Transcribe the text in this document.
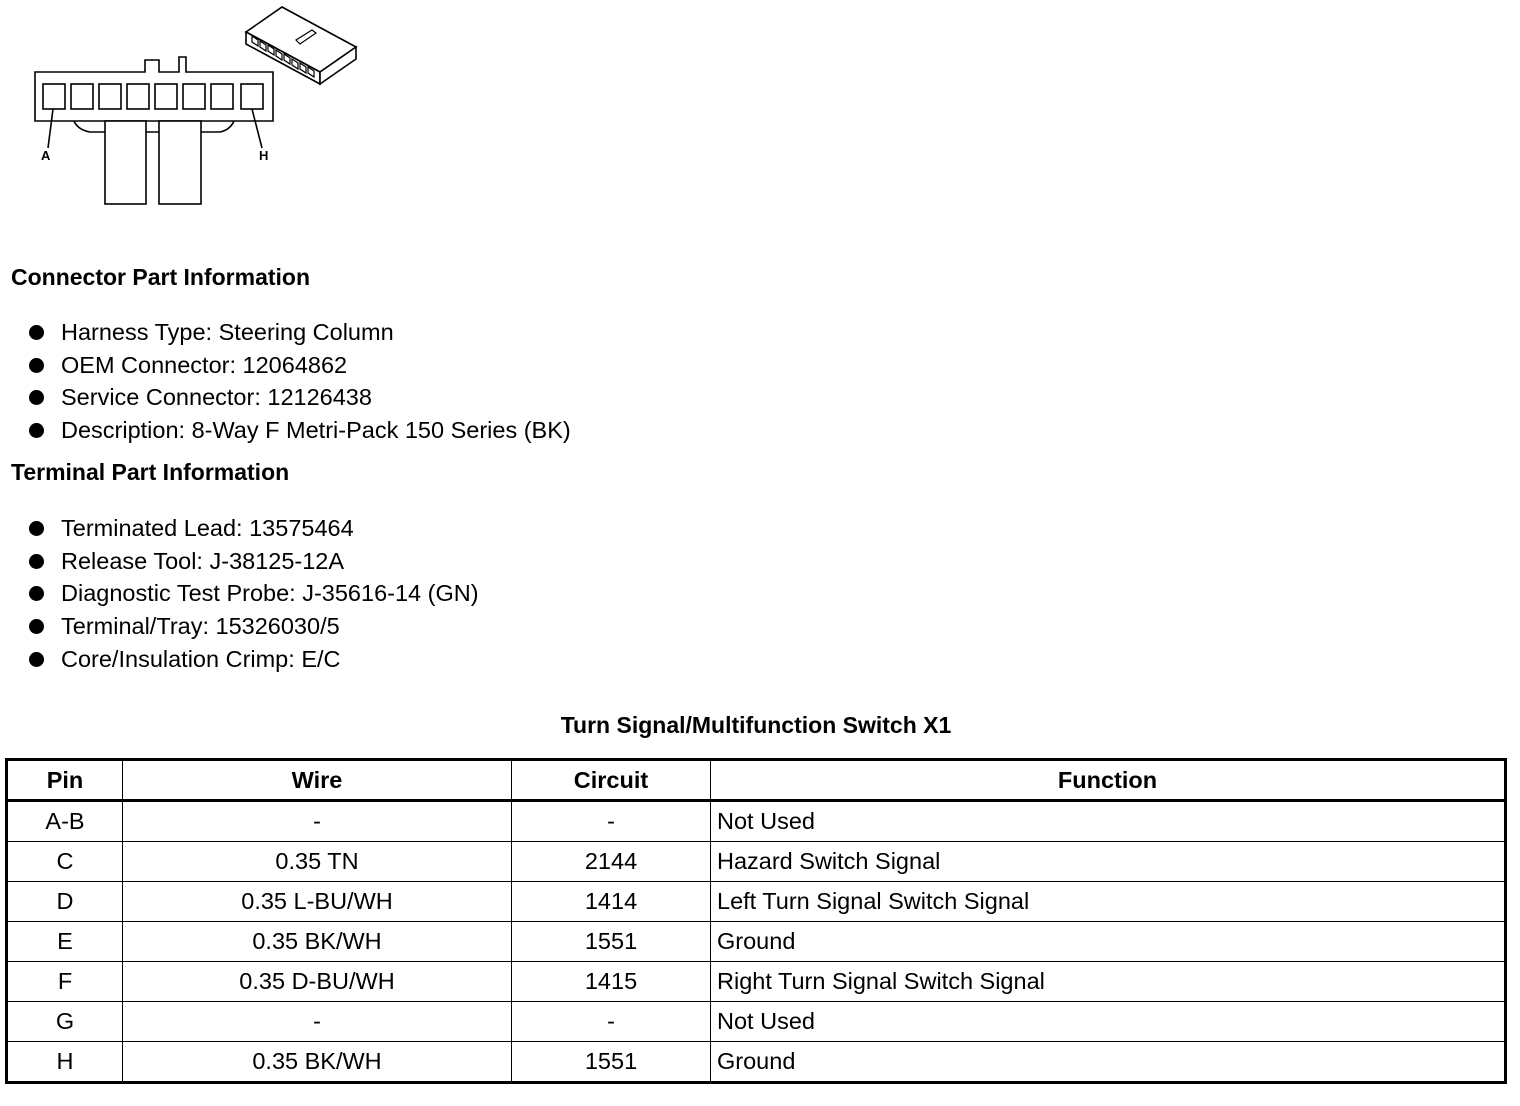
A	H
Connector Part Information
Harness Type: Steering Column
OEM Connector: 12064862
Service Connector: 12126438
Description: 8-Way F Metri-Pack 150 Series (BK)
Terminal Part Information
Terminated Lead: 13575464
Release Tool: J-38125-12A
Diagnostic Test Probe: J-35616-14 (GN)
Terminal/Tray: 15326030/5
Core/Insulation Crimp: E/C
Turn Signal/Multifunction Switch X1
Pin	Wire	Circuit	Function
A-B	-	-	Not Used
C	0.35 TN	2144	Hazard Switch Signal
D	0.35 L-BU/WH	1414	Left Turn Signal Switch Signal
E	0.35 BK/WH	1551	Ground
F	0.35 D-BU/WH	1415	Right Turn Signal Switch Signal
G	-	-	Not Used
H	0.35 BK/WH	1551	Ground
